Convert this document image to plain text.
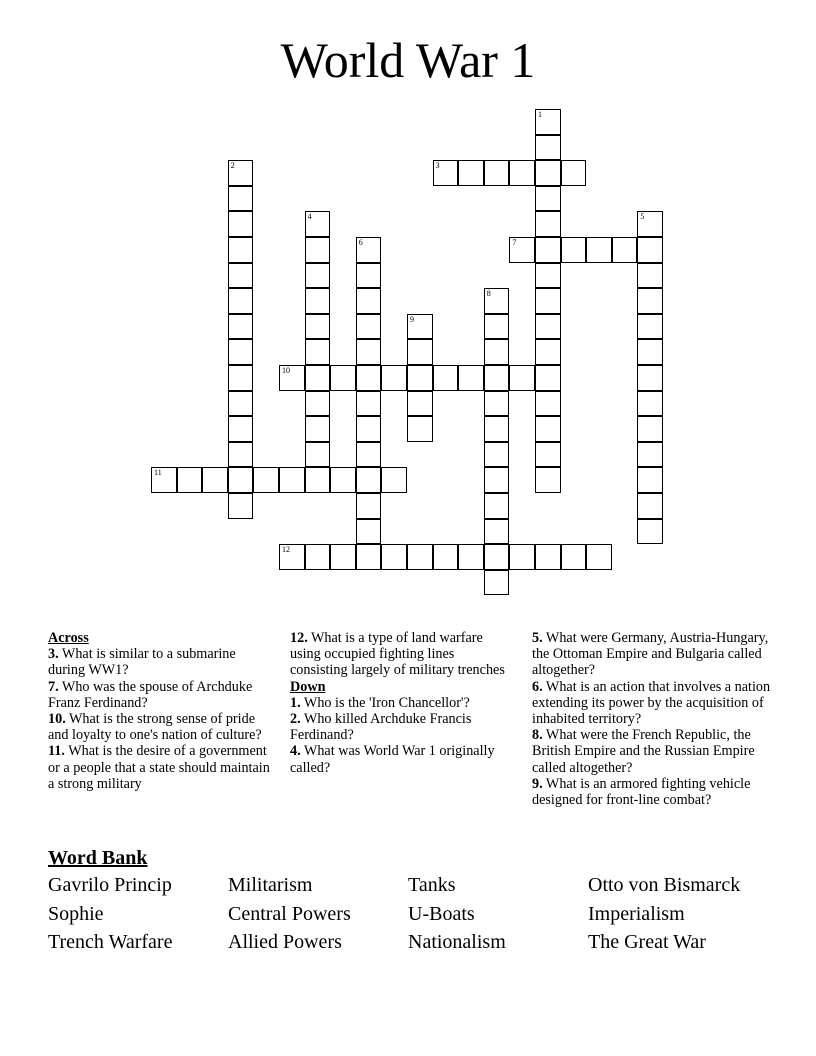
World War 1
1
2	3
4	5
6	7
8
9
10
11
12
Across
3. What is similar to a submarine during WW1?
7. Who was the spouse of Archduke Franz Ferdinand?
10. What is the strong sense of pride and loyalty to one's nation of culture?
11. What is the desire of a government or a people that a state should maintain a strong military
12. What is a type of land warfare using occupied fighting lines consisting largely of military trenches
Down
1. Who is the 'Iron Chancellor'?
2. Who killed Archduke Francis Ferdinand?
4. What was World War 1 originally called?
5. What were Germany, Austria-Hungary, the Ottoman Empire and Bulgaria called altogether?
6. What is an action that involves a nation extending its power by the acquisition of inhabited territory?
8. What were the French Republic, the British Empire and the Russian Empire called altogether?
9. What is an armored fighting vehicle designed for front-line combat?
Word Bank
Gavrilo Princip	Militarism	Tanks	Otto von Bismarck
Sophie	Central Powers	U-Boats	Imperialism
Trench Warfare	Allied Powers	Nationalism	The Great War
